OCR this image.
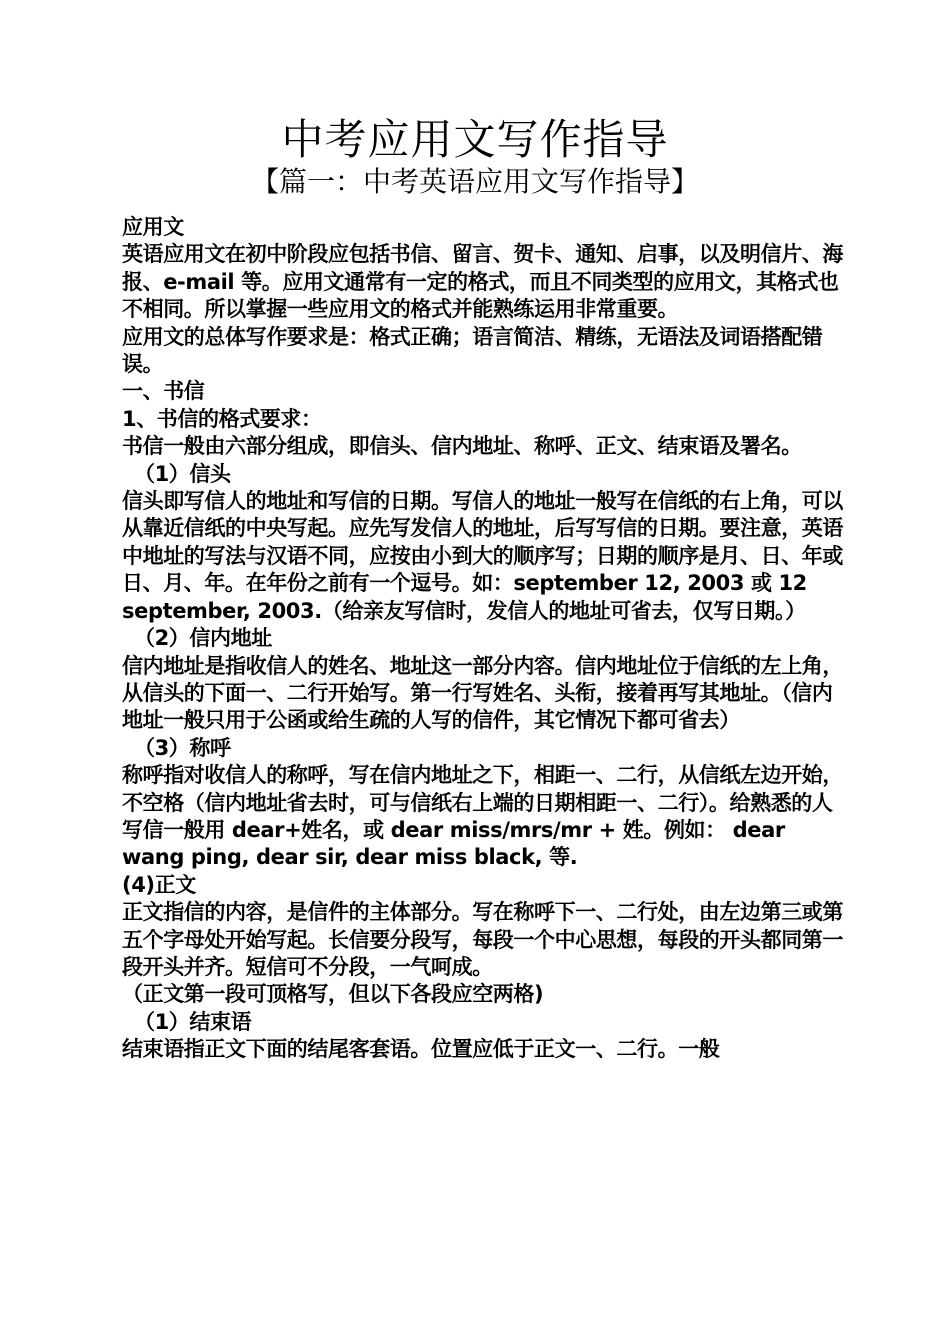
中考应用文写作指导
【篇一：中考英语应用文写作指导】

应用文

英语应用文在初中阶段应包括书信、留言、贺卡、通知、启事，以及明信片、海报、e-mail 等。应用文通常有一定的格式，而且不同类型的应用文，其格式也不相同。所以掌握一些应用文的格式并能熟练运用非常重要。

应用文的总体写作要求是：格式正确；语言简洁、精练，无语法及词语搭配错误。

一、书信

1、书信的格式要求：

书信一般由六部分组成，即信头、信内地址、称呼、正文、结束语及署名。

（1）信头

信头即写信人的地址和写信的日期。写信人的地址一般写在信纸的右上角，可以从靠近信纸的中央写起。应先写发信人的地址，后写写信的日期。要注意，英语中地址的写法与汉语不同，应按由小到大的顺序写；日期的顺序是月、日、年或日、月、年。在年份之前有一个逗号。如：september 12, 2003 或 12 september, 2003.（给亲友写信时，发信人的地址可省去，仅写日期。）

（2）信内地址

信内地址是指收信人的姓名、地址这一部分内容。信内地址位于信纸的左上角，从信头的下面一、二行开始写。第一行写姓名、头衔，接着再写其地址。（信内地址一般只用于公函或给生疏的人写的信件，其它情况下都可省去）

（3）称呼

称呼指对收信人的称呼，写在信内地址之下，相距一、二行，从信纸左边开始，不空格（信内地址省去时，可与信纸右上端的日期相距一、二行）。给熟悉的人写信一般用 dear+姓名，或 dear miss/mrs/mr + 姓。例如： dear wang ping, dear sir, dear miss black, 等.

(4)正文

正文指信的内容，是信件的主体部分。写在称呼下一、二行处，由左边第三或第五个字母处开始写起。长信要分段写，每段一个中心思想，每段的开头都同第一段开头并齐。短信可不分段，一气呵成。

（正文第一段可顶格写，但以下各段应空两格)

（1）结束语

结束语指正文下面的结尾客套语。位置应低于正文一、二行。一般
